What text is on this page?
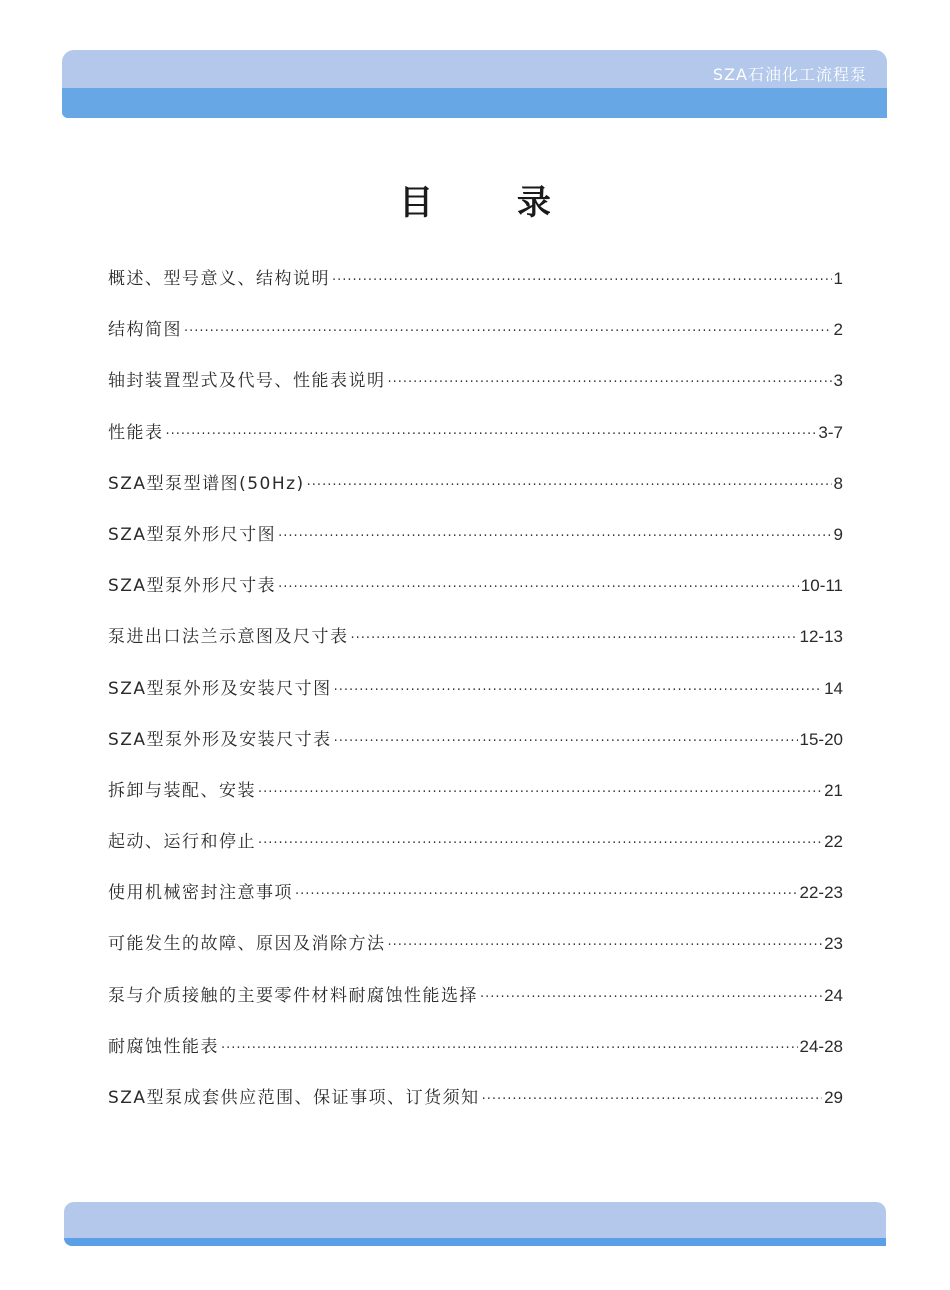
SZA石油化工流程泵
目 录
概述、型号意义、结构说明 ·····	1
结构简图 ·····	2
轴封装置型式及代号、性能表说明 ·····	3
性能表 ·····	3-7
SZA型泵型谱图(50Hz) ·····	8
SZA型泵外形尺寸图 ·····	9
SZA型泵外形尺寸表 ·····	10-11
泵进出口法兰示意图及尺寸表 ·····	12-13
SZA型泵外形及安装尺寸图 ·····	14
SZA型泵外形及安装尺寸表 ·····	15-20
拆卸与装配、安装 ·····	21
起动、运行和停止 ·····	22
使用机械密封注意事项 ·····	22-23
可能发生的故障、原因及消除方法 ·····	23
泵与介质接触的主要零件材料耐腐蚀性能选择 ·····	24
耐腐蚀性能表 ·····	24-28
SZA型泵成套供应范围、保证事项、订货须知 ·····	29
